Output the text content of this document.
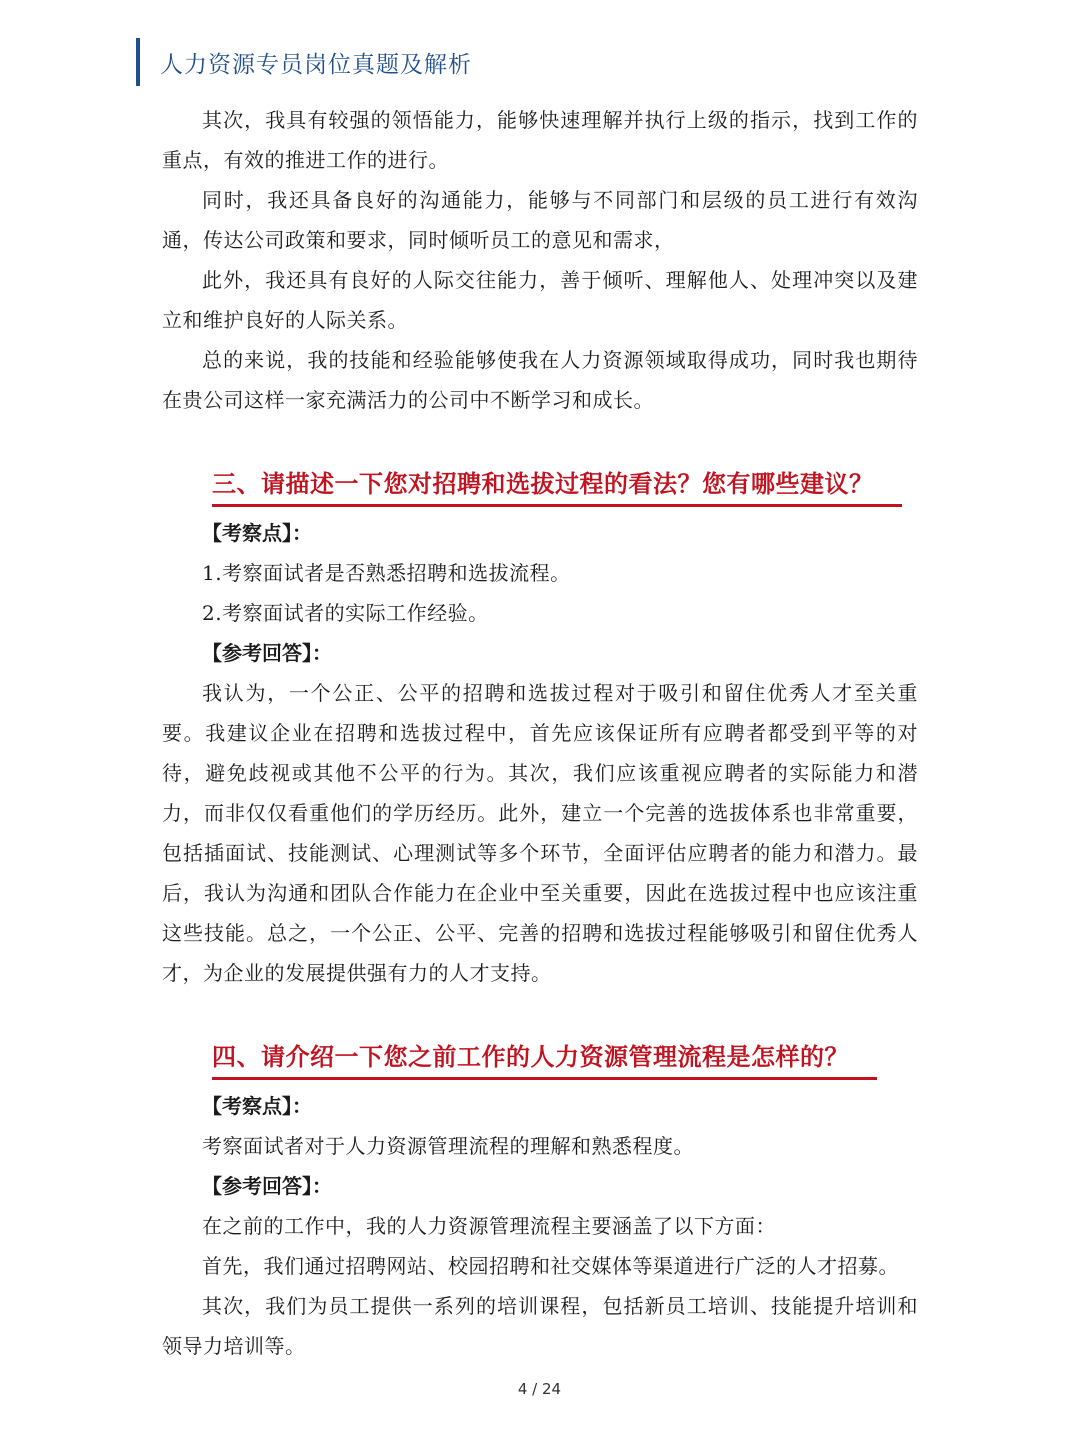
人力资源专员岗位真题及解析

其次，我具有较强的领悟能力，能够快速理解并执行上级的指示，找到工作的重点，有效的推进工作的进行。

同时，我还具备良好的沟通能力，能够与不同部门和层级的员工进行有效沟通，传达公司政策和要求，同时倾听员工的意见和需求，

此外，我还具有良好的人际交往能力，善于倾听、理解他人、处理冲突以及建立和维护良好的人际关系。

总的来说，我的技能和经验能够使我在人力资源领域取得成功，同时我也期待在贵公司这样一家充满活力的公司中不断学习和成长。

三、请描述一下您对招聘和选拔过程的看法？您有哪些建议？

【考察点】：

1.考察面试者是否熟悉招聘和选拔流程。

2.考察面试者的实际工作经验。

【参考回答】：

我认为，一个公正、公平的招聘和选拔过程对于吸引和留住优秀人才至关重要。我建议企业在招聘和选拔过程中，首先应该保证所有应聘者都受到平等的对待，避免歧视或其他不公平的行为。其次，我们应该重视应聘者的实际能力和潜力，而非仅仅看重他们的学历经历。此外，建立一个完善的选拔体系也非常重要，包括插面试、技能测试、心理测试等多个环节，全面评估应聘者的能力和潜力。最后，我认为沟通和团队合作能力在企业中至关重要，因此在选拔过程中也应该注重这些技能。总之，一个公正、公平、完善的招聘和选拔过程能够吸引和留住优秀人才，为企业的发展提供强有力的人才支持。

四、请介绍一下您之前工作的人力资源管理流程是怎样的？

【考察点】：

考察面试者对于人力资源管理流程的理解和熟悉程度。

【参考回答】：

在之前的工作中，我的人力资源管理流程主要涵盖了以下方面：

首先，我们通过招聘网站、校园招聘和社交媒体等渠道进行广泛的人才招募。

其次，我们为员工提供一系列的培训课程，包括新员工培训、技能提升培训和领导力培训等。

4 / 24
